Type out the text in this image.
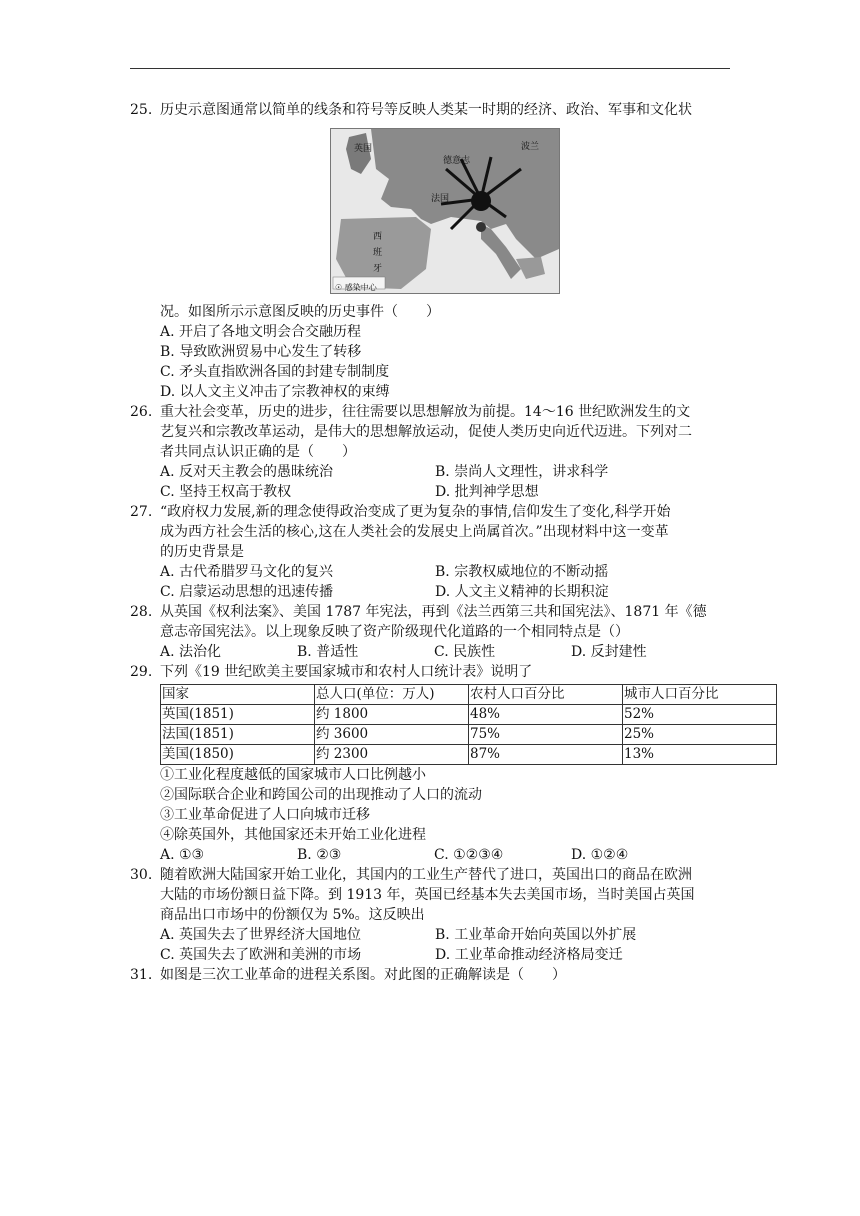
25. 历史示意图通常以简单的线条和符号等反映人类某一时期的经济、政治、军事和文化状
英国
德意志
法国
波兰
西班牙
☉ 感染中心
况。如图所示示意图反映的历史事件（　　）
A. 开启了各地文明会合交融历程
B. 导致欧洲贸易中心发生了转移
C. 矛头直指欧洲各国的封建专制制度
D. 以人文主义冲击了宗教神权的束缚
26. 重大社会变革，历史的进步，往往需要以思想解放为前提。14～16 世纪欧洲发生的文
艺复兴和宗教改革运动，是伟大的思想解放运动，促使人类历史向近代迈进。下列对二
者共同点认识正确的是（　　）
A. 反对天主教会的愚昧统治	B. 崇尚人文理性，讲求科学
C. 坚持王权高于教权	D. 批判神学思想
27. “政府权力发展,新的理念使得政治变成了更为复杂的事情,信仰发生了变化,科学开始
成为西方社会生活的核心,这在人类社会的发展史上尚属首次。”出现材料中这一变革
的历史背景是
A. 古代希腊罗马文化的复兴	B. 宗教权威地位的不断动摇
C. 启蒙运动思想的迅速传播	D. 人文主义精神的长期积淀
28. 从英国《权利法案》、美国 1787 年宪法，再到《法兰西第三共和国宪法》、1871 年《德
意志帝国宪法》。以上现象反映了资产阶级现代化道路的一个相同特点是（）
A. 法治化	B. 普适性	C. 民族性	D. 反封建性
29. 下列《19 世纪欧美主要国家城市和农村人口统计表》说明了
国家	总人口(单位：万人)	农村人口百分比	城市人口百分比
英国(1851)	约 1800	48%	52%
法国(1851)	约 3600	75%	25%
美国(1850)	约 2300	87%	13%
①工业化程度越低的国家城市人口比例越小
②国际联合企业和跨国公司的出现推动了人口的流动
③工业革命促进了人口向城市迁移
④除英国外，其他国家还未开始工业化进程
A. ①③	B. ②③	C. ①②③④	D. ①②④
30. 随着欧洲大陆国家开始工业化，其国内的工业生产替代了进口，英国出口的商品在欧洲
大陆的市场份额日益下降。到 1913 年，英国已经基本失去美国市场，当时美国占英国
商品出口市场中的份额仅为 5%。这反映出
A. 英国失去了世界经济大国地位	B. 工业革命开始向英国以外扩展
C. 英国失去了欧洲和美洲的市场	D. 工业革命推动经济格局变迁
31. 如图是三次工业革命的进程关系图。对此图的正确解读是（　　）
